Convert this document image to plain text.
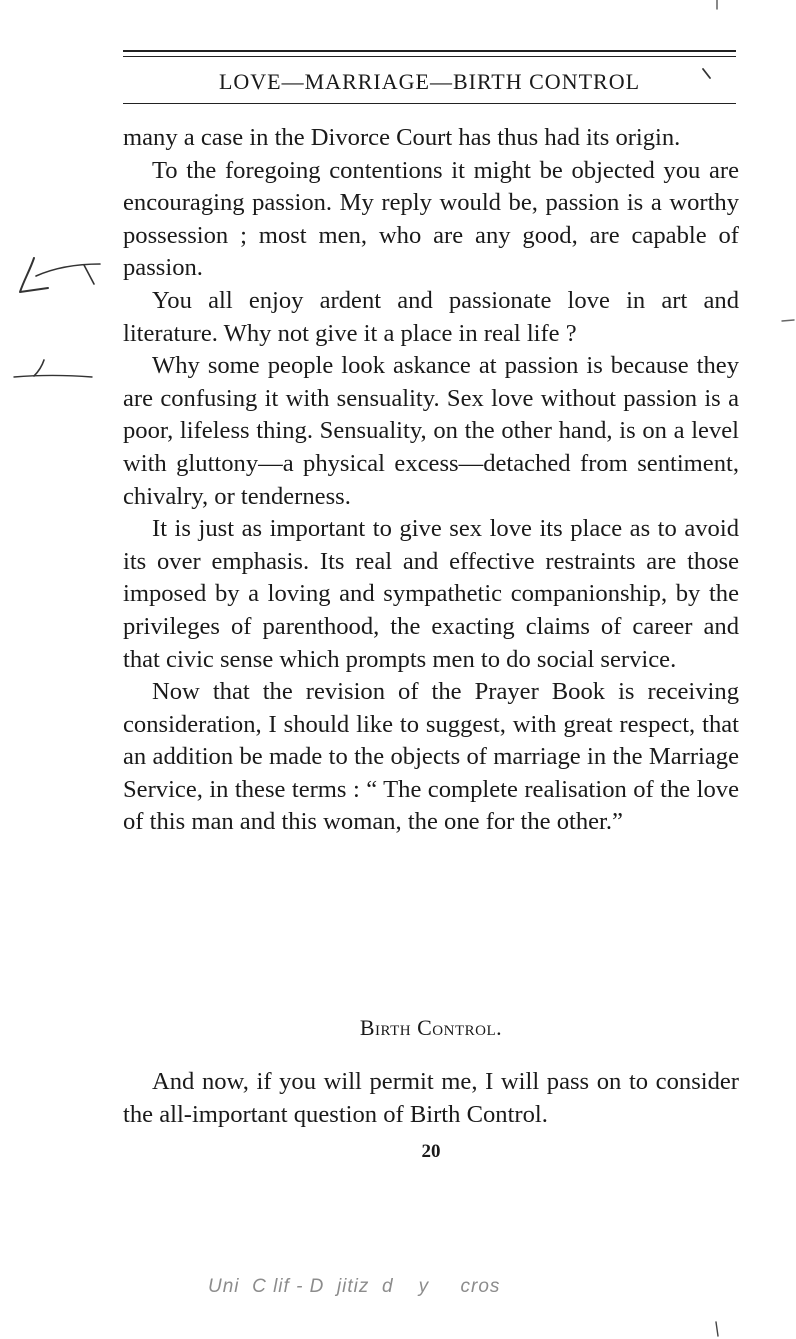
LOVE—MARRIAGE—BIRTH CONTROL

many a case in the Divorce Court has thus had its origin.

To the foregoing contentions it might be objected you are encouraging passion. My reply would be, passion is a worthy possession ; most men, who are any good, are capable of passion.

You all enjoy ardent and passionate love in art and literature. Why not give it a place in real life ?

Why some people look askance at passion is because they are confusing it with sensuality. Sex love without passion is a poor, lifeless thing. Sensuality, on the other hand, is on a level with gluttony—a physical excess—detached from sentiment, chivalry, or tenderness.

It is just as important to give sex love its place as to avoid its over emphasis. Its real and effective restraints are those imposed by a loving and sympathetic companionship, by the privileges of parenthood, the exacting claims of career and that civic sense which prompts men to do social service.

Now that the revision of the Prayer Book is receiving consideration, I should like to suggest, with great respect, that an addition be made to the objects of marriage in the Marriage Service, in these terms : “ The complete realisation of the love of this man and this woman, the one for the other.”

Birth Control.

And now, if you will permit me, I will pass on to consider the all-important question of Birth Control.

20
Uni  C lif - D  jitiz  d    y     cros
